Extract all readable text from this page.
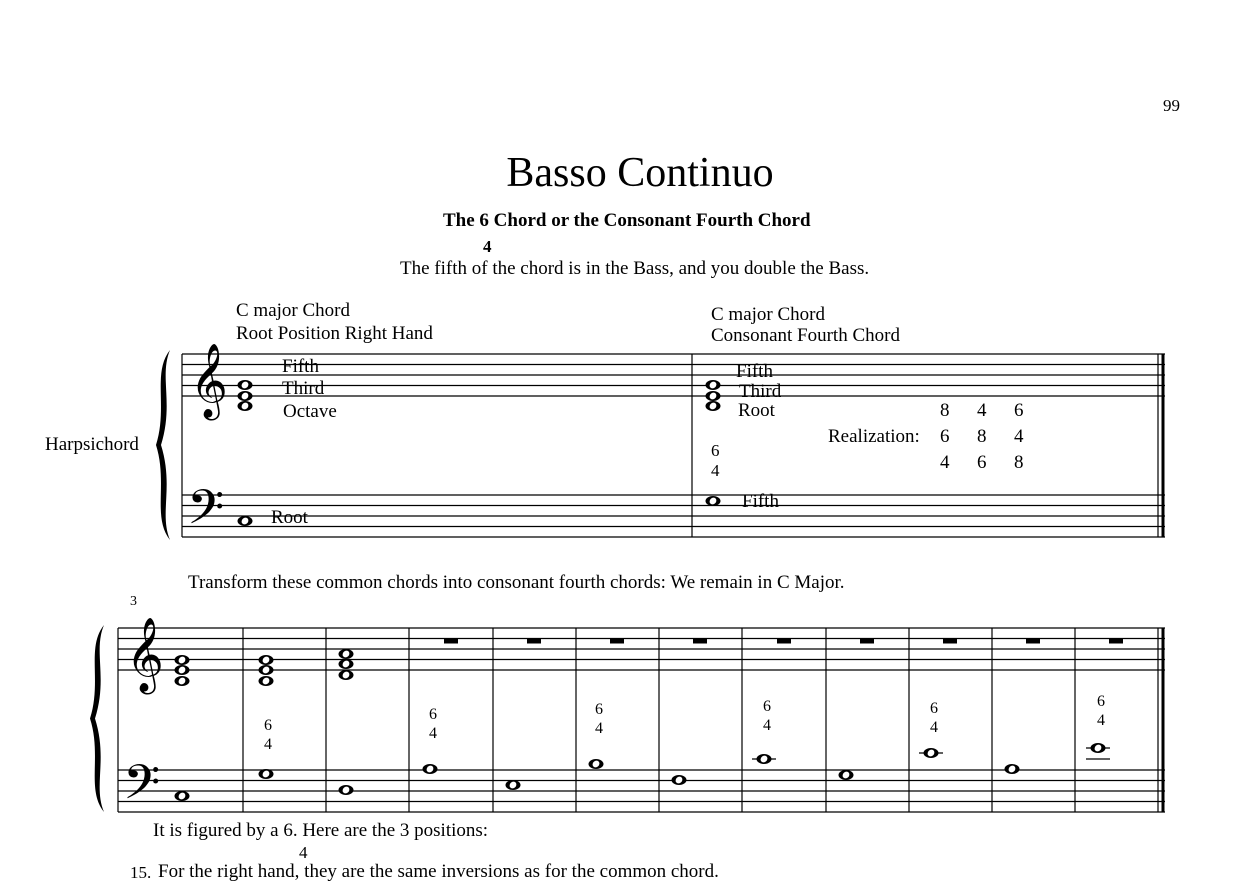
99
Basso Continuo
The 6 Chord or the Consonant Fourth Chord
4
The fifth of the chord is in the Bass, and you double the Bass.
C major Chord
Root Position Right Hand
C major Chord
Consonant Fourth Chord
Harpsichord
Fifth
Third
Octave
Root
Fifth
Third
Root
Fifth
6
4
Realization:
8 4 6
6 8 4
4 6 8
Transform these common chords into consonant fourth chords: We remain in C Major.
3
It is figured by a 6. Here are the 3 positions:
4
15. For the right hand, they are the same inversions as for the common chord.
𝄞
𝄢
𝄞
𝄢
6
4
6
4
6
4
6
4
6
4
6
4
